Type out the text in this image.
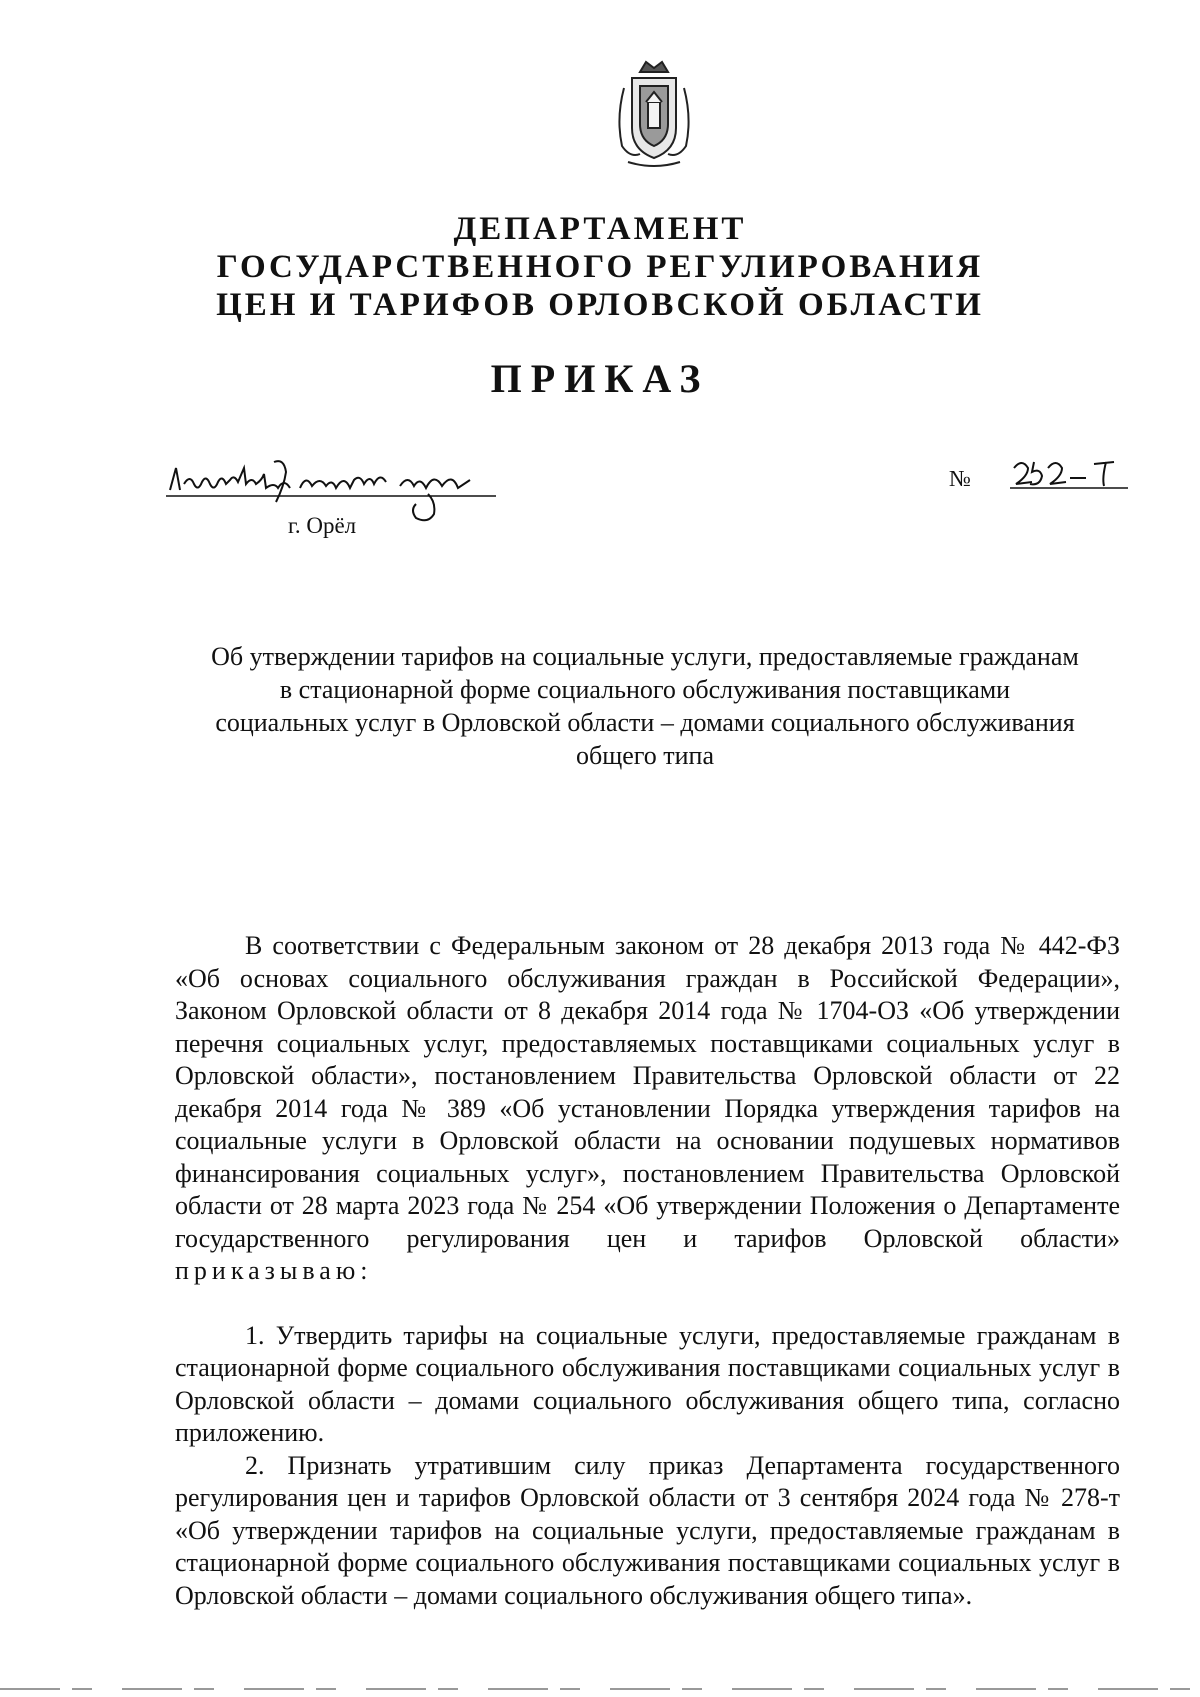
ДЕПАРТАМЕНТ
ГОСУДАРСТВЕННОГО РЕГУЛИРОВАНИЯ
ЦЕН И ТАРИФОВ ОРЛОВСКОЙ ОБЛАСТИ
ПРИКАЗ
г. Орёл
№
Об утверждении тарифов на социальные услуги, предоставляемые гражданам
в стационарной форме социального обслуживания поставщиками
социальных услуг в Орловской области – домами социального обслуживания
общего типа

В соответствии с Федеральным законом от 28 декабря 2013 года № 442-ФЗ «Об основах социального обслуживания граждан в Российской Федерации», Законом Орловской области от 8 декабря 2014 года № 1704-ОЗ «Об утверждении перечня социальных услуг, предоставляемых поставщиками социальных услуг в Орловской области», постановлением Правительства Орловской области от 22 декабря 2014 года № 389 «Об установлении Порядка утверждения тарифов на социальные услуги в Орловской области на основании подушевых нормативов финансирования социальных услуг», постановлением Правительства Орловской области от 28 марта 2023 года № 254 «Об утверждении Положения о Департаменте государственного регулирования цен и тарифов Орловской области» приказываю:

1. Утвердить тарифы на социальные услуги, предоставляемые гражданам в стационарной форме социального обслуживания поставщиками социальных услуг в Орловской области – домами социального обслуживания общего типа, согласно приложению.

2. Признать утратившим силу приказ Департамента государственного регулирования цен и тарифов Орловской области от 3 сентября 2024 года № 278-т «Об утверждении тарифов на социальные услуги, предоставляемые гражданам в стационарной форме социального обслуживания поставщиками социальных услуг в Орловской области – домами социального обслуживания общего типа».
